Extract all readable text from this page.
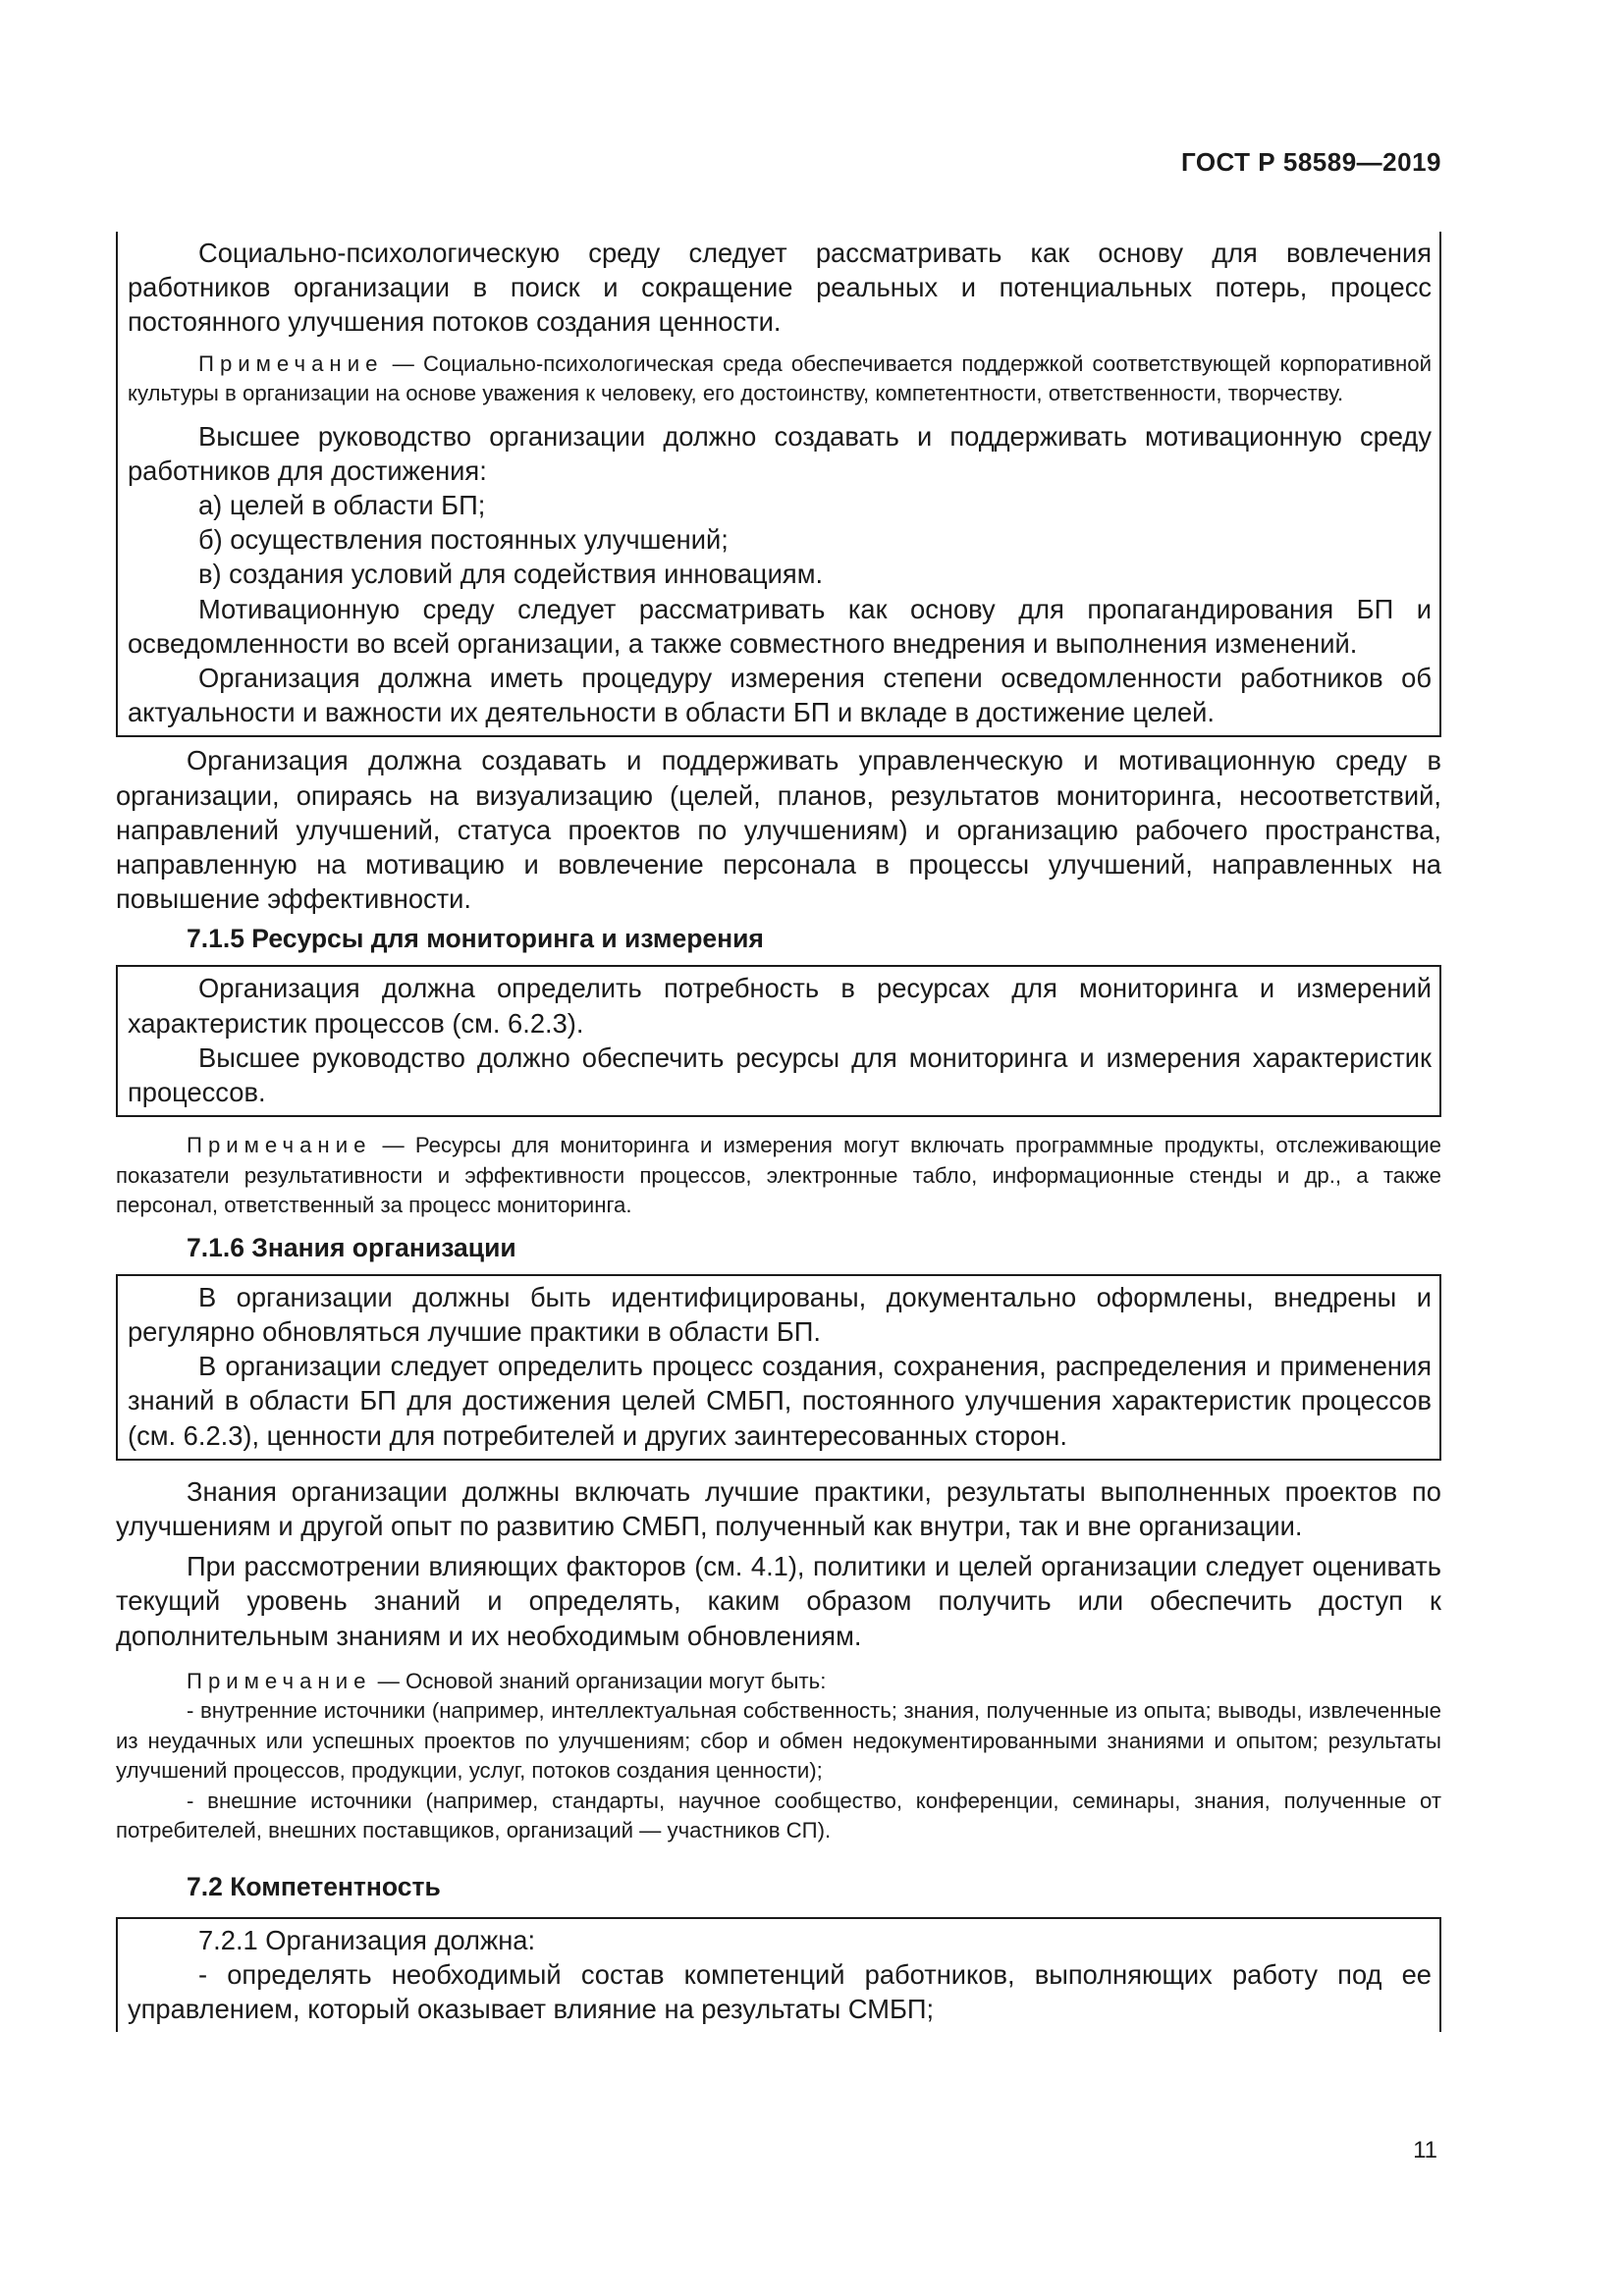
ГОСТ Р 58589—2019

Социально-психологическую среду следует рассматривать как основу для вовлечения работников организации в поиск и сокращение реальных и потенциальных потерь, процесс постоянного улучшения потоков создания ценности.

Примечание — Социально-психологическая среда обеспечивается поддержкой соответствующей корпоративной культуры в организации на основе уважения к человеку, его достоинству, компетентности, ответственности, творчеству.

Высшее руководство организации должно создавать и поддерживать мотивационную среду работников для достижения:

а) целей в области БП;

б) осуществления постоянных улучшений;

в) создания условий для содействия инновациям.

Мотивационную среду следует рассматривать как основу для пропагандирования БП и осведомленности во всей организации, а также совместного внедрения и выполнения изменений.

Организация должна иметь процедуру измерения степени осведомленности работников об актуальности и важности их деятельности в области БП и вкладе в достижение целей.

Организация должна создавать и поддерживать управленческую и мотивационную среду в организации, опираясь на визуализацию (целей, планов, результатов мониторинга, несоответствий, направлений улучшений, статуса проектов по улучшениям) и организацию рабочего пространства, направленную на мотивацию и вовлечение персонала в процессы улучшений, направленных на повышение эффективности.

7.1.5 Ресурсы для мониторинга и измерения

Организация должна определить потребность в ресурсах для мониторинга и измерений характеристик процессов (см. 6.2.3).

Высшее руководство должно обеспечить ресурсы для мониторинга и измерения характеристик процессов.

Примечание — Ресурсы для мониторинга и измерения могут включать программные продукты, отслеживающие показатели результативности и эффективности процессов, электронные табло, информационные стенды и др., а также персонал, ответственный за процесс мониторинга.

7.1.6 Знания организации

В организации должны быть идентифицированы, документально оформлены, внедрены и регулярно обновляться лучшие практики в области БП.

В организации следует определить процесс создания, сохранения, распределения и применения знаний в области БП для достижения целей СМБП, постоянного улучшения характеристик процессов (см. 6.2.3), ценности для потребителей и других заинтересованных сторон.

Знания организации должны включать лучшие практики, результаты выполненных проектов по улучшениям и другой опыт по развитию СМБП, полученный как внутри, так и вне организации.

При рассмотрении влияющих факторов (см. 4.1), политики и целей организации следует оценивать текущий уровень знаний и определять, каким образом получить или обеспечить доступ к дополнительным знаниям и их необходимым обновлениям.

Примечание — Основой знаний организации могут быть:

- внутренние источники (например, интеллектуальная собственность; знания, полученные из опыта; выводы, извлеченные из неудачных или успешных проектов по улучшениям; сбор и обмен недокументированными знаниями и опытом; результаты улучшений процессов, продукции, услуг, потоков создания ценности);

- внешние источники (например, стандарты, научное сообщество, конференции, семинары, знания, полученные от потребителей, внешних поставщиков, организаций — участников СП).

7.2 Компетентность

7.2.1 Организация должна:

- определять необходимый состав компетенций работников, выполняющих работу под ее управлением, который оказывает влияние на результаты СМБП;

11
